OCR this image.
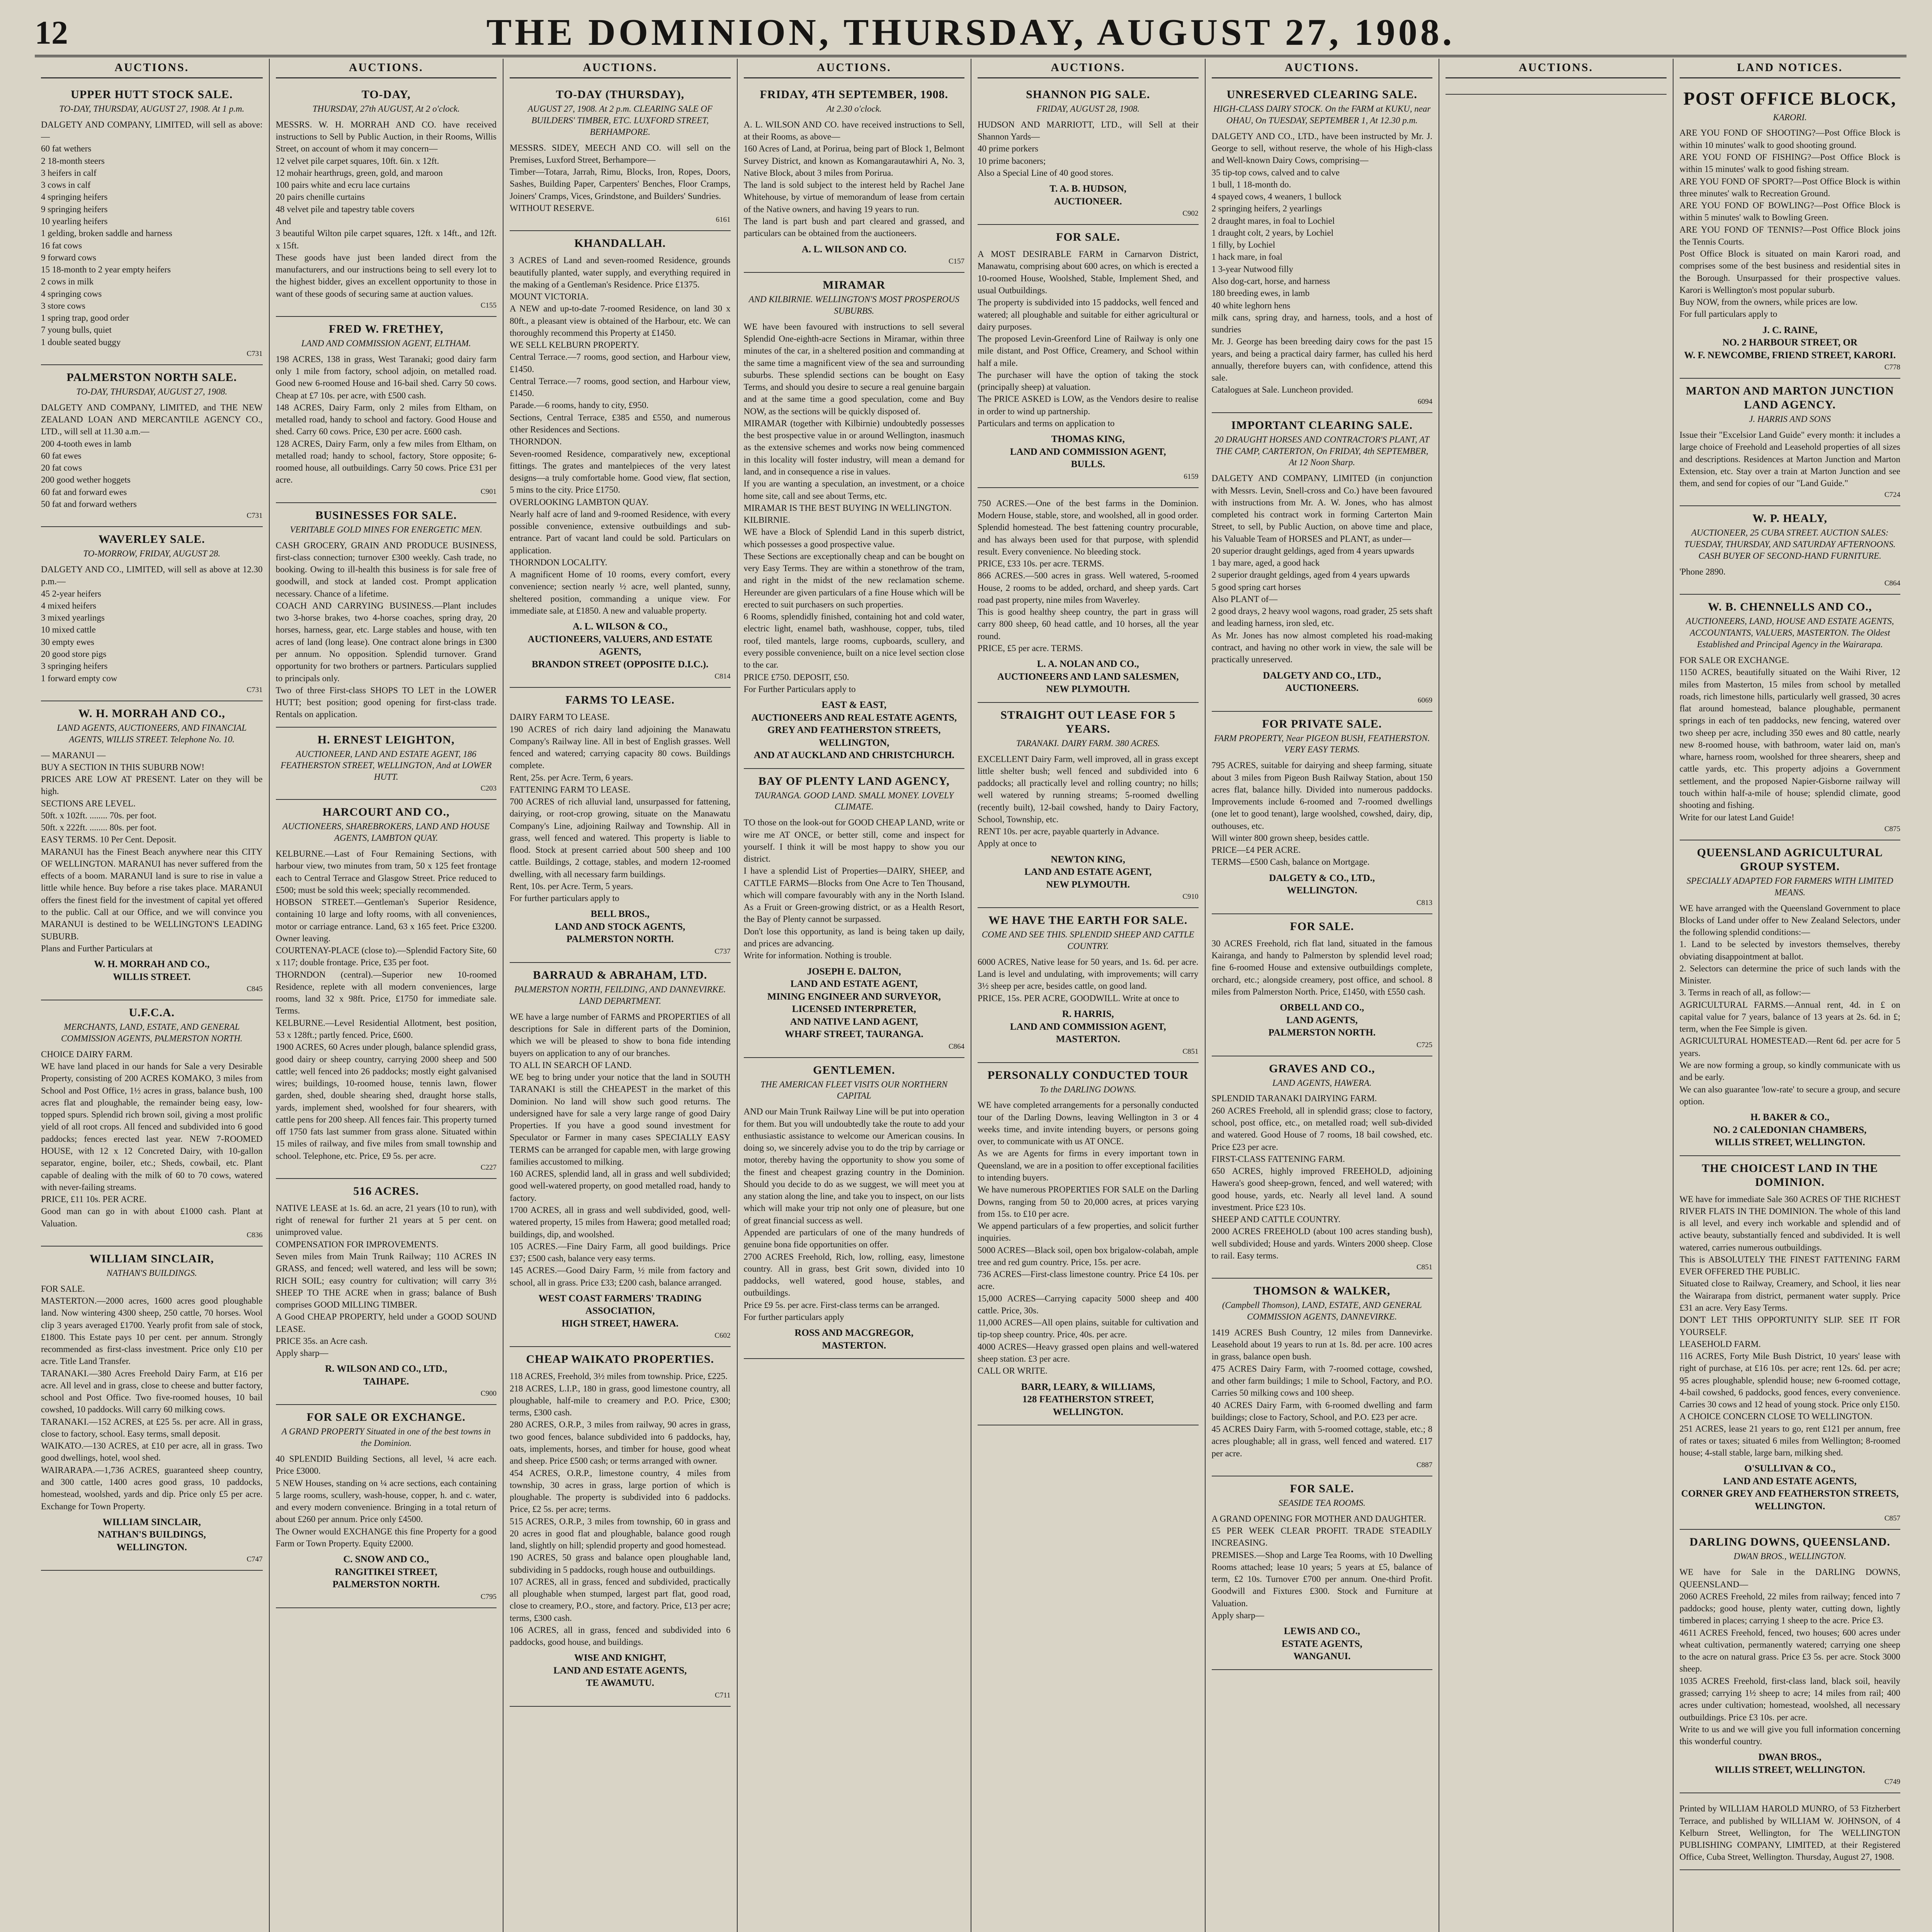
12	THE DOMINION, THURSDAY, AUGUST 27, 1908.
AUCTIONS.
UPPER HUTT STOCK SALE.
TO-DAY, THURSDAY, AUGUST 27, 1908. At 1 p.m.
DALGETY AND COMPANY, LIMITED, will sell as above:—
60 fat wethers
2 18-month steers
3 heifers in calf
3 cows in calf
4 springing heifers
9 springing heifers
10 yearling heifers
1 gelding, broken saddle and harness
16 fat cows
9 forward cows
15 18-month to 2 year empty heifers
2 cows in milk
4 springing cows
3 store cows
1 spring trap, good order
7 young bulls, quiet
1 double seated buggy
C731
PALMERSTON NORTH SALE.
TO-DAY, THURSDAY, AUGUST 27, 1908.
DALGETY AND COMPANY, LIMITED, and THE NEW ZEALAND LOAN AND MERCANTILE AGENCY CO., LTD., will sell at 11.30 a.m.—
200 4-tooth ewes in lamb
60 fat ewes
20 fat cows
200 good wether hoggets
60 fat and forward ewes
50 fat and forward wethers
C731
WAVERLEY SALE.
TO-MORROW, FRIDAY, AUGUST 28.
DALGETY AND CO., LIMITED, will sell as above at 12.30 p.m.—
45 2-year heifers
4 mixed heifers
3 mixed yearlings
10 mixed cattle
30 empty ewes
20 good store pigs
3 springing heifers
1 forward empty cow
C731
W. H. MORRAH AND CO.,
LAND AGENTS, AUCTIONEERS, AND FINANCIAL AGENTS, WILLIS STREET. Telephone No. 10.
— MARANUI —
BUY A SECTION IN THIS SUBURB NOW!
PRICES ARE LOW AT PRESENT. Later on they will be high.
SECTIONS ARE LEVEL.
50ft. x 102ft. ........ 70s. per foot.
50ft. x 222ft. ........ 80s. per foot.
EASY TERMS. 10 Per Cent. Deposit.
MARANUI has the Finest Beach anywhere near this CITY OF WELLINGTON. MARANUI has never suffered from the effects of a boom. MARANUI land is sure to rise in value a little while hence. Buy before a rise takes place. MARANUI offers the finest field for the investment of capital yet offered to the public. Call at our Office, and we will convince you MARANUI is destined to be WELLINGTON'S LEADING SUBURB.
Plans and Further Particulars at
W. H. MORRAH AND CO.,
WILLIS STREET.
C845
U.F.C.A.
MERCHANTS, LAND, ESTATE, AND GENERAL COMMISSION AGENTS, PALMERSTON NORTH.
CHOICE DAIRY FARM.
WE have land placed in our hands for Sale a very Desirable Property, consisting of 200 ACRES KOMAKO, 3 miles from School and Post Office, 1½ acres in grass, balance bush, 100 acres flat and ploughable, the remainder being easy, low-topped spurs. Splendid rich brown soil, giving a most prolific yield of all root crops. All fenced and subdivided into 6 good paddocks; fences erected last year. NEW 7-ROOMED HOUSE, with 12 x 12 Concreted Dairy, with 10-gallon separator, engine, boiler, etc.; Sheds, cowbail, etc. Plant capable of dealing with the milk of 60 to 70 cows, watered with never-failing streams.
PRICE, £11 10s. PER ACRE.
Good man can go in with about £1000 cash. Plant at Valuation.
C836
WILLIAM SINCLAIR,
NATHAN'S BUILDINGS.
FOR SALE.
MASTERTON.—2000 acres, 1600 acres good ploughable land. Now wintering 4300 sheep, 250 cattle, 70 horses. Wool clip 3 years averaged £1700. Yearly profit from sale of stock, £1800. This Estate pays 10 per cent. per annum. Strongly recommended as first-class investment. Price only £10 per acre. Title Land Transfer.
TARANAKI.—380 Acres Freehold Dairy Farm, at £16 per acre. All level and in grass, close to cheese and butter factory, school and Post Office. Two five-roomed houses, 10 bail cowshed, 10 paddocks. Will carry 60 milking cows.
TARANAKI.—152 ACRES, at £25 5s. per acre. All in grass, close to factory, school. Easy terms, small deposit.
WAIKATO.—130 ACRES, at £10 per acre, all in grass. Two good dwellings, hotel, wool shed.
WAIRARAPA.—1,736 ACRES, guaranteed sheep country, and 300 cattle, 1400 acres good grass, 10 paddocks, homestead, woolshed, yards and dip. Price only £5 per acre. Exchange for Town Property.
WILLIAM SINCLAIR,
NATHAN'S BUILDINGS,
WELLINGTON.
C747
AUCTIONS.
TO-DAY,
THURSDAY, 27th AUGUST, At 2 o'clock.
MESSRS. W. H. MORRAH AND CO. have received instructions to Sell by Public Auction, in their Rooms, Willis Street, on account of whom it may concern—
12 velvet pile carpet squares, 10ft. 6in. x 12ft.
12 mohair hearthrugs, green, gold, and maroon
100 pairs white and ecru lace curtains
20 pairs chenille curtains
48 velvet pile and tapestry table covers
And
3 beautiful Wilton pile carpet squares, 12ft. x 14ft., and 12ft. x 15ft.
These goods have just been landed direct from the manufacturers, and our instructions being to sell every lot to the highest bidder, gives an excellent opportunity to those in want of these goods of securing same at auction values.
C155
FRED W. FRETHEY,
LAND AND COMMISSION AGENT, ELTHAM.
198 ACRES, 138 in grass, West Taranaki; good dairy farm only 1 mile from factory, school adjoin, on metalled road. Good new 6-roomed House and 16-bail shed. Carry 50 cows. Cheap at £7 10s. per acre, with £500 cash.
148 ACRES, Dairy Farm, only 2 miles from Eltham, on metalled road, handy to school and factory. Good House and shed. Carry 60 cows. Price, £30 per acre. £600 cash.
128 ACRES, Dairy Farm, only a few miles from Eltham, on metalled road; handy to school, factory, Store opposite; 6-roomed house, all outbuildings. Carry 50 cows. Price £31 per acre.
C901
BUSINESSES FOR SALE.
VERITABLE GOLD MINES FOR ENERGETIC MEN.
CASH GROCERY, GRAIN AND PRODUCE BUSINESS, first-class connection; turnover £300 weekly. Cash trade, no booking. Owing to ill-health this business is for sale free of goodwill, and stock at landed cost. Prompt application necessary. Chance of a lifetime.
COACH AND CARRYING BUSINESS.—Plant includes two 3-horse brakes, two 4-horse coaches, spring dray, 20 horses, harness, gear, etc. Large stables and house, with ten acres of land (long lease). One contract alone brings in £300 per annum. No opposition. Splendid turnover. Grand opportunity for two brothers or partners. Particulars supplied to principals only.
Two of three First-class SHOPS TO LET in the LOWER HUTT; best position; good opening for first-class trade. Rentals on application.
H. ERNEST LEIGHTON,
AUCTIONEER, LAND AND ESTATE AGENT, 186 FEATHERSTON STREET, WELLINGTON, And at LOWER HUTT.
C203
HARCOURT AND CO.,
AUCTIONEERS, SHAREBROKERS, LAND AND HOUSE AGENTS, LAMBTON QUAY.
KELBURNE.—Last of Four Remaining Sections, with harbour view, two minutes from tram, 50 x 125 feet frontage each to Central Terrace and Glasgow Street. Price reduced to £500; must be sold this week; specially recommended.
HOBSON STREET.—Gentleman's Superior Residence, containing 10 large and lofty rooms, with all conveniences, motor or carriage entrance. Land, 63 x 165 feet. Price £3200. Owner leaving.
COURTENAY-PLACE (close to).—Splendid Factory Site, 60 x 117; double frontage. Price, £35 per foot.
THORNDON (central).—Superior new 10-roomed Residence, replete with all modern conveniences, large rooms, land 32 x 98ft. Price, £1750 for immediate sale. Terms.
KELBURNE.—Level Residential Allotment, best position, 53 x 128ft.; partly fenced. Price, £600.
1900 ACRES, 60 Acres under plough, balance splendid grass, good dairy or sheep country, carrying 2000 sheep and 500 cattle; well fenced into 26 paddocks; mostly eight galvanised wires; buildings, 10-roomed house, tennis lawn, flower garden, shed, double shearing shed, draught horse stalls, yards, implement shed, woolshed for four shearers, with cattle pens for 200 sheep. All fences fair. This property turned off 1750 fats last summer from grass alone. Situated within 15 miles of railway, and five miles from small township and school. Telephone, etc. Price, £9 5s. per acre.
C227
516 ACRES.
NATIVE LEASE at 1s. 6d. an acre, 21 years (10 to run), with right of renewal for further 21 years at 5 per cent. on unimproved value.
COMPENSATION FOR IMPROVEMENTS.
Seven miles from Main Trunk Railway; 110 ACRES IN GRASS, and fenced; well watered, and less will be sown; RICH SOIL; easy country for cultivation; will carry 3½ SHEEP TO THE ACRE when in grass; balance of Bush comprises GOOD MILLING TIMBER.
A Good CHEAP PROPERTY, held under a GOOD SOUND LEASE.
PRICE 35s. an Acre cash.
Apply sharp—
R. WILSON AND CO., LTD.,
TAIHAPE.
C900
FOR SALE OR EXCHANGE.
A GRAND PROPERTY Situated in one of the best towns in the Dominion.
40 SPLENDID Building Sections, all level, ¼ acre each. Price £3000.
5 NEW Houses, standing on ¼ acre sections, each containing 5 large rooms, scullery, wash-house, copper, h. and c. water, and every modern convenience. Bringing in a total return of about £260 per annum. Price only £4500.
The Owner would EXCHANGE this fine Property for a good Farm or Town Property. Equity £2000.
C. SNOW AND CO.,
RANGITIKEI STREET,
PALMERSTON NORTH.
C795
AUCTIONS.
TO-DAY (THURSDAY),
AUGUST 27, 1908. At 2 p.m. CLEARING SALE OF BUILDERS' TIMBER, ETC. LUXFORD STREET, BERHAMPORE.
MESSRS. SIDEY, MEECH AND CO. will sell on the Premises, Luxford Street, Berhampore—
Timber—Totara, Jarrah, Rimu, Blocks, Iron, Ropes, Doors, Sashes, Building Paper, Carpenters' Benches, Floor Cramps, Joiners' Cramps, Vices, Grindstone, and Builders' Sundries.
WITHOUT RESERVE.
6161
KHANDALLAH.
3 ACRES of Land and seven-roomed Residence, grounds beautifully planted, water supply, and everything required in the making of a Gentleman's Residence. Price £1375.
MOUNT VICTORIA.
A NEW and up-to-date 7-roomed Residence, on land 30 x 80ft., a pleasant view is obtained of the Harbour, etc. We can thoroughly recommend this Property at £1450.
WE SELL KELBURN PROPERTY.
Central Terrace.—7 rooms, good section, and Harbour view, £1450.
Central Terrace.—7 rooms, good section, and Harbour view, £1450.
Parade.—6 rooms, handy to city, £950.
Sections, Central Terrace, £385 and £550, and numerous other Residences and Sections.
THORNDON.
Seven-roomed Residence, comparatively new, exceptional fittings. The grates and mantelpieces of the very latest designs—a truly comfortable home. Good view, flat section, 5 mins to the city. Price £1750.
OVERLOOKING LAMBTON QUAY.
Nearly half acre of land and 9-roomed Residence, with every possible convenience, extensive outbuildings and sub-entrance. Part of vacant land could be sold. Particulars on application.
THORNDON LOCALITY.
A magnificent Home of 10 rooms, every comfort, every convenience; section nearly ½ acre, well planted, sunny, sheltered position, commanding a unique view. For immediate sale, at £1850. A new and valuable property.
A. L. WILSON & CO.,
AUCTIONEERS, VALUERS, AND ESTATE AGENTS,
BRANDON STREET (OPPOSITE D.I.C.).
C814
FARMS TO LEASE.
DAIRY FARM TO LEASE.
190 ACRES of rich dairy land adjoining the Manawatu Company's Railway line. All in best of English grasses. Well fenced and watered; carrying capacity 80 cows. Buildings complete.
Rent, 25s. per Acre. Term, 6 years.
FATTENING FARM TO LEASE.
700 ACRES of rich alluvial land, unsurpassed for fattening, dairying, or root-crop growing, situate on the Manawatu Company's Line, adjoining Railway and Township. All in grass, well fenced and watered. This property is liable to flood. Stock at present carried about 500 sheep and 100 cattle. Buildings, 2 cottage, stables, and modern 12-roomed dwelling, with all necessary farm buildings.
Rent, 10s. per Acre. Term, 5 years.
For further particulars apply to
BELL BROS.,
LAND AND STOCK AGENTS,
PALMERSTON NORTH.
C737
BARRAUD & ABRAHAM, LTD.
PALMERSTON NORTH, FEILDING, AND DANNEVIRKE. LAND DEPARTMENT.
WE have a large number of FARMS and PROPERTIES of all descriptions for Sale in different parts of the Dominion, which we will be pleased to show to bona fide intending buyers on application to any of our branches.
TO ALL IN SEARCH OF LAND.
WE beg to bring under your notice that the land in SOUTH TARANAKI is still the CHEAPEST in the market of this Dominion. No land will show such good returns. The undersigned have for sale a very large range of good Dairy Properties. If you have a good sound investment for Speculator or Farmer in many cases SPECIALLY EASY TERMS can be arranged for capable men, with large growing families accustomed to milking.
160 ACRES, splendid land, all in grass and well subdivided; good well-watered property, on good metalled road, handy to factory.
1700 ACRES, all in grass and well subdivided, good, well-watered property, 15 miles from Hawera; good metalled road; buildings, dip, and woolshed.
105 ACRES.—Fine Dairy Farm, all good buildings. Price £37; £500 cash, balance very easy terms.
145 ACRES.—Good Dairy Farm, ½ mile from factory and school, all in grass. Price £33; £200 cash, balance arranged.
WEST COAST FARMERS' TRADING ASSOCIATION,
HIGH STREET, HAWERA.
C602
CHEAP WAIKATO PROPERTIES.
118 ACRES, Freehold, 3½ miles from township. Price, £225.
218 ACRES, L.I.P., 180 in grass, good limestone country, all ploughable, half-mile to creamery and P.O. Price, £300; terms, £300 cash.
280 ACRES, O.R.P., 3 miles from railway, 90 acres in grass, two good fences, balance subdivided into 6 paddocks, hay, oats, implements, horses, and timber for house, good wheat and sheep. Price £500 cash; or terms arranged with owner.
454 ACRES, O.R.P., limestone country, 4 miles from township, 30 acres in grass, large portion of which is ploughable. The property is subdivided into 6 paddocks. Price, £2 5s. per acre; terms.
515 ACRES, O.R.P., 3 miles from township, 60 in grass and 20 acres in good flat and ploughable, balance good rough land, slightly on hill; splendid property and good homestead.
190 ACRES, 50 grass and balance open ploughable land, subdividing in 5 paddocks, rough house and outbuildings.
107 ACRES, all in grass, fenced and subdivided, practically all ploughable when stumped, largest part flat, good road, close to creamery, P.O., store, and factory. Price, £13 per acre; terms, £300 cash.
106 ACRES, all in grass, fenced and subdivided into 6 paddocks, good house, and buildings.
WISE AND KNIGHT,
LAND AND ESTATE AGENTS,
TE AWAMUTU.
C711
AUCTIONS.
FRIDAY, 4TH SEPTEMBER, 1908.
At 2.30 o'clock.
A. L. WILSON AND CO. have received instructions to Sell, at their Rooms, as above—
160 Acres of Land, at Porirua, being part of Block 1, Belmont Survey District, and known as Komangarautawhiri A, No. 3, Native Block, about 3 miles from Porirua.
The land is sold subject to the interest held by Rachel Jane Whitehouse, by virtue of memorandum of lease from certain of the Native owners, and having 19 years to run.
The land is part bush and part cleared and grassed, and particulars can be obtained from the auctioneers.
A. L. WILSON AND CO.
C157
MIRAMAR
AND KILBIRNIE. WELLINGTON'S MOST PROSPEROUS SUBURBS.
WE have been favoured with instructions to sell several Splendid One-eighth-acre Sections in Miramar, within three minutes of the car, in a sheltered position and commanding at the same time a magnificent view of the sea and surrounding suburbs. These splendid sections can be bought on Easy Terms, and should you desire to secure a real genuine bargain and at the same time a good speculation, come and Buy NOW, as the sections will be quickly disposed of.
MIRAMAR (together with Kilbirnie) undoubtedly possesses the best prospective value in or around Wellington, inasmuch as the extensive schemes and works now being commenced in this locality will foster industry, will mean a demand for land, and in consequence a rise in values.
If you are wanting a speculation, an investment, or a choice home site, call and see about Terms, etc.
MIRAMAR IS THE BEST BUYING IN WELLINGTON.
KILBIRNIE.
WE have a Block of Splendid Land in this superb district, which possesses a good prospective value.
These Sections are exceptionally cheap and can be bought on very Easy Terms. They are within a stonethrow of the tram, and right in the midst of the new reclamation scheme. Hereunder are given particulars of a fine House which will be erected to suit purchasers on such properties.
6 Rooms, splendidly finished, containing hot and cold water, electric light, enamel bath, washhouse, copper, tubs, tiled roof, tiled mantels, large rooms, cupboards, scullery, and every possible convenience, built on a nice level section close to the car.
PRICE £750. DEPOSIT, £50.
For Further Particulars apply to
EAST & EAST,
AUCTIONEERS AND REAL ESTATE AGENTS,
GREY AND FEATHERSTON STREETS, WELLINGTON,
AND AT AUCKLAND AND CHRISTCHURCH.
BAY OF PLENTY LAND AGENCY,
TAURANGA. GOOD LAND. SMALL MONEY. LOVELY CLIMATE.
TO those on the look-out for GOOD CHEAP LAND, write or wire me AT ONCE, or better still, come and inspect for yourself. I think it will be most happy to show you our district.
I have a splendid List of Properties—DAIRY, SHEEP, and CATTLE FARMS—Blocks from One Acre to Ten Thousand, which will compare favourably with any in the North Island. As a Fruit or Green-growing district, or as a Health Resort, the Bay of Plenty cannot be surpassed.
Don't lose this opportunity, as land is being taken up daily, and prices are advancing.
Write for information. Nothing is trouble.
JOSEPH E. DALTON,
LAND AND ESTATE AGENT,
MINING ENGINEER AND SURVEYOR,
LICENSED INTERPRETER,
AND NATIVE LAND AGENT,
WHARF STREET, TAURANGA.
C864
GENTLEMEN.
THE AMERICAN FLEET VISITS OUR NORTHERN CAPITAL
AND our Main Trunk Railway Line will be put into operation for them. But you will undoubtedly take the route to add your enthusiastic assistance to welcome our American cousins. In doing so, we sincerely advise you to do the trip by carriage or motor, thereby having the opportunity to show you some of the finest and cheapest grazing country in the Dominion. Should you decide to do as we suggest, we will meet you at any station along the line, and take you to inspect, on our lists which will make your trip not only one of pleasure, but one of great financial success as well.
Appended are particulars of one of the many hundreds of genuine bona fide opportunities on offer.
2700 ACRES Freehold, Rich, low, rolling, easy, limestone country. All in grass, best Grit sown, divided into 10 paddocks, well watered, good house, stables, and outbuildings.
Price £9 5s. per acre. First-class terms can be arranged.
For further particulars apply
ROSS AND MACGREGOR,
MASTERTON.
AUCTIONS.
SHANNON PIG SALE.
FRIDAY, AUGUST 28, 1908.
HUDSON AND MARRIOTT, LTD., will Sell at their Shannon Yards—
40 prime porkers
10 prime baconers;
Also a Special Line of 40 good stores.
T. A. B. HUDSON,
AUCTIONEER.
C902
FOR SALE.
A MOST DESIRABLE FARM in Carnarvon District, Manawatu, comprising about 600 acres, on which is erected a 10-roomed House, Woolshed, Stable, Implement Shed, and usual Outbuildings.
The property is subdivided into 15 paddocks, well fenced and watered; all ploughable and suitable for either agricultural or dairy purposes.
The proposed Levin-Greenford Line of Railway is only one mile distant, and Post Office, Creamery, and School within half a mile.
The purchaser will have the option of taking the stock (principally sheep) at valuation.
The PRICE ASKED is LOW, as the Vendors desire to realise in order to wind up partnership.
Particulars and terms on application to
THOMAS KING,
LAND AND COMMISSION AGENT,
BULLS.
6159
750 ACRES.—One of the best farms in the Dominion. Modern House, stable, store, and woolshed, all in good order. Splendid homestead. The best fattening country procurable, and has always been used for that purpose, with splendid result. Every convenience. No bleeding stock.
PRICE, £33 10s. per acre. TERMS.
866 ACRES.—500 acres in grass. Well watered, 5-roomed House, 2 rooms to be added, orchard, and sheep yards. Cart road past property, nine miles from Waverley.
This is good healthy sheep country, the part in grass will carry 800 sheep, 60 head cattle, and 10 horses, all the year round.
PRICE, £5 per acre. TERMS.
L. A. NOLAN AND CO.,
AUCTIONEERS AND LAND SALESMEN,
NEW PLYMOUTH.
STRAIGHT OUT LEASE FOR 5 YEARS.
TARANAKI. DAIRY FARM. 380 ACRES.
EXCELLENT Dairy Farm, well improved, all in grass except little shelter bush; well fenced and subdivided into 6 paddocks; all practically level and rolling country; no hills; well watered by running streams; 5-roomed dwelling (recently built), 12-bail cowshed, handy to Dairy Factory, School, Township, etc.
RENT 10s. per acre, payable quarterly in Advance.
Apply at once to
NEWTON KING,
LAND AND ESTATE AGENT,
NEW PLYMOUTH.
C910
WE HAVE THE EARTH FOR SALE.
COME AND SEE THIS. SPLENDID SHEEP AND CATTLE COUNTRY.
6000 ACRES, Native lease for 50 years, and 1s. 6d. per acre. Land is level and undulating, with improvements; will carry 3½ sheep per acre, besides cattle, on good land.
PRICE, 15s. PER ACRE, GOODWILL. Write at once to
R. HARRIS,
LAND AND COMMISSION AGENT,
MASTERTON.
C851
PERSONALLY CONDUCTED TOUR
To the DARLING DOWNS.
WE have completed arrangements for a personally conducted tour of the Darling Downs, leaving Wellington in 3 or 4 weeks time, and invite intending buyers, or persons going over, to communicate with us AT ONCE.
As we are Agents for firms in every important town in Queensland, we are in a position to offer exceptional facilities to intending buyers.
We have numerous PROPERTIES FOR SALE on the Darling Downs, ranging from 50 to 20,000 acres, at prices varying from 15s. to £10 per acre.
We append particulars of a few properties, and solicit further inquiries.
5000 ACRES—Black soil, open box brigalow-colabah, ample tree and red gum country. Price, 15s. per acre.
736 ACRES—First-class limestone country. Price £4 10s. per acre.
15,000 ACRES—Carrying capacity 5000 sheep and 400 cattle. Price, 30s.
11,000 ACRES—All open plains, suitable for cultivation and tip-top sheep country. Price, 40s. per acre.
4000 ACRES—Heavy grassed open plains and well-watered sheep station. £3 per acre.
CALL OR WRITE.
BARR, LEARY, & WILLIAMS,
128 FEATHERSTON STREET,
WELLINGTON.
AUCTIONS.
UNRESERVED CLEARING SALE.
HIGH-CLASS DAIRY STOCK. On the FARM at KUKU, near OHAU, On TUESDAY, SEPTEMBER 1, At 12.30 p.m.
DALGETY AND CO., LTD., have been instructed by Mr. J. George to sell, without reserve, the whole of his High-class and Well-known Dairy Cows, comprising—
35 tip-top cows, calved and to calve
1 bull, 1 18-month do.
4 spayed cows, 4 weaners, 1 bullock
2 springing heifers, 2 yearlings
2 draught mares, in foal to Lochiel
1 draught colt, 2 years, by Lochiel
1 filly, by Lochiel
1 hack mare, in foal
1 3-year Nutwood filly
Also dog-cart, horse, and harness
180 breeding ewes, in lamb
40 white leghorn hens
milk cans, spring dray, and harness, tools, and a host of sundries
Mr. J. George has been breeding dairy cows for the past 15 years, and being a practical dairy farmer, has culled his herd annually, therefore buyers can, with confidence, attend this sale.
Catalogues at Sale. Luncheon provided.
6094
IMPORTANT CLEARING SALE.
20 DRAUGHT HORSES AND CONTRACTOR'S PLANT, AT THE CAMP, CARTERTON, On FRIDAY, 4th SEPTEMBER, At 12 Noon Sharp.
DALGETY AND COMPANY, LIMITED (in conjunction with Messrs. Levin, Snell-cross and Co.) have been favoured with instructions from Mr. A. W. Jones, who has almost completed his contract work in forming Carterton Main Street, to sell, by Public Auction, on above time and place, his Valuable Team of HORSES and PLANT, as under—
20 superior draught geldings, aged from 4 years upwards
1 bay mare, aged, a good hack
2 superior draught geldings, aged from 4 years upwards
5 good spring cart horses
Also PLANT of—
2 good drays, 2 heavy wool wagons, road grader, 25 sets shaft and leading harness, iron sled, etc.
As Mr. Jones has now almost completed his road-making contract, and having no other work in view, the sale will be practically unreserved.
DALGETY AND CO., LTD.,
AUCTIONEERS.
6069
FOR PRIVATE SALE.
FARM PROPERTY, Near PIGEON BUSH, FEATHERSTON. VERY EASY TERMS.
795 ACRES, suitable for dairying and sheep farming, situate about 3 miles from Pigeon Bush Railway Station, about 150 acres flat, balance hilly. Divided into numerous paddocks. Improvements include 6-roomed and 7-roomed dwellings (one let to good tenant), large woolshed, cowshed, dairy, dip, outhouses, etc.
Will winter 800 grown sheep, besides cattle.
PRICE—£4 PER ACRE.
TERMS—£500 Cash, balance on Mortgage.
DALGETY & CO., LTD.,
WELLINGTON.
C813
FOR SALE.
30 ACRES Freehold, rich flat land, situated in the famous Kairanga, and handy to Palmerston by splendid level road; fine 6-roomed House and extensive outbuildings complete, orchard, etc.; alongside creamery, post office, and school. 8 miles from Palmerston North. Price, £1450, with £550 cash.
ORBELL AND CO.,
LAND AGENTS,
PALMERSTON NORTH.
C725
GRAVES AND CO.,
LAND AGENTS, HAWERA.
SPLENDID TARANAKI DAIRYING FARM.
260 ACRES Freehold, all in splendid grass; close to factory, school, post office, etc., on metalled road; well sub-divided and watered. Good House of 7 rooms, 18 bail cowshed, etc. Price £23 per acre.
FIRST-CLASS FATTENING FARM.
650 ACRES, highly improved FREEHOLD, adjoining Hawera's good sheep-grown, fenced, and well watered; with good house, yards, etc. Nearly all level land. A sound investment. Price £23 10s.
SHEEP AND CATTLE COUNTRY.
2000 ACRES FREEHOLD (about 100 acres standing bush), well subdivided; House and yards. Winters 2000 sheep. Close to rail. Easy terms.
C851
THOMSON & WALKER,
(Campbell Thomson), LAND, ESTATE, AND GENERAL COMMISSION AGENTS, DANNEVIRKE.
1419 ACRES Bush Country, 12 miles from Dannevirke. Leasehold about 19 years to run at 1s. 8d. per acre. 100 acres in grass, balance open bush.
475 ACRES Dairy Farm, with 7-roomed cottage, cowshed, and other farm buildings; 1 mile to School, Factory, and P.O. Carries 50 milking cows and 100 sheep.
40 ACRES Dairy Farm, with 6-roomed dwelling and farm buildings; close to Factory, School, and P.O. £23 per acre.
45 ACRES Dairy Farm, with 5-roomed cottage, stable, etc.; 8 acres ploughable; all in grass, well fenced and watered. £17 per acre.
C887
FOR SALE.
SEASIDE TEA ROOMS.
A GRAND OPENING FOR MOTHER AND DAUGHTER.
£5 PER WEEK CLEAR PROFIT. TRADE STEADILY INCREASING.
PREMISES.—Shop and Large Tea Rooms, with 10 Dwelling Rooms attached; lease 10 years; 5 years at £5, balance of term, £2 10s. Turnover £700 per annum. One-third Profit. Goodwill and Fixtures £300. Stock and Furniture at Valuation.
Apply sharp—
LEWIS AND CO.,
ESTATE AGENTS,
WANGANUI.
AUCTIONS.	LAND NOTICES.
POST OFFICE BLOCK,
KARORI.
ARE YOU FOND OF SHOOTING?—Post Office Block is within 10 minutes' walk to good shooting ground.
ARE YOU FOND OF FISHING?—Post Office Block is within 15 minutes' walk to good fishing stream.
ARE YOU FOND OF SPORT?—Post Office Block is within three minutes' walk to Recreation Ground.
ARE YOU FOND OF BOWLING?—Post Office Block is within 5 minutes' walk to Bowling Green.
ARE YOU FOND OF TENNIS?—Post Office Block joins the Tennis Courts.
Post Office Block is situated on main Karori road, and comprises some of the best business and residential sites in the Borough. Unsurpassed for their prospective values. Karori is Wellington's most popular suburb.
Buy NOW, from the owners, while prices are low.
For full particulars apply to
J. C. RAINE,
NO. 2 HARBOUR STREET, OR
W. F. NEWCOMBE, FRIEND STREET, KARORI.
C778
MARTON AND MARTON JUNCTION LAND AGENCY.
J. HARRIS AND SONS
Issue their "Excelsior Land Guide" every month: it includes a large choice of Freehold and Leasehold properties of all sizes and descriptions. Residences at Marton Junction and Marton Extension, etc. Stay over a train at Marton Junction and see them, and send for copies of our "Land Guide."
C724
W. P. HEALY,
AUCTIONEER, 25 CUBA STREET. AUCTION SALES: TUESDAY, THURSDAY, AND SATURDAY AFTERNOONS. CASH BUYER OF SECOND-HAND FURNITURE.
'Phone 2890.
C864
W. B. CHENNELLS AND CO.,
AUCTIONEERS, LAND, HOUSE AND ESTATE AGENTS, ACCOUNTANTS, VALUERS, MASTERTON. The Oldest Established and Principal Agency in the Wairarapa.
FOR SALE OR EXCHANGE.
1150 ACRES, beautifully situated on the Waihi River, 12 miles from Masterton, 15 miles from school by metalled roads, rich limestone hills, particularly well grassed, 30 acres flat around homestead, balance ploughable, permanent springs in each of ten paddocks, new fencing, watered over two sheep per acre, including 350 ewes and 80 cattle, nearly new 8-roomed house, with bathroom, water laid on, man's whare, harness room, woolshed for three shearers, sheep and cattle yards, etc. This property adjoins a Government settlement, and the proposed Napier-Gisborne railway will touch within half-a-mile of house; splendid climate, good shooting and fishing.
Write for our latest Land Guide!
C875
QUEENSLAND AGRICULTURAL GROUP SYSTEM.
SPECIALLY ADAPTED FOR FARMERS WITH LIMITED MEANS.
WE have arranged with the Queensland Government to place Blocks of Land under offer to New Zealand Selectors, under the following splendid conditions:—
1. Land to be selected by investors themselves, thereby obviating disappointment at ballot.
2. Selectors can determine the price of such lands with the Minister.
3. Terms in reach of all, as follow:—
AGRICULTURAL FARMS.—Annual rent, 4d. in £ on capital value for 7 years, balance of 13 years at 2s. 6d. in £; term, when the Fee Simple is given.
AGRICULTURAL HOMESTEAD.—Rent 6d. per acre for 5 years.
We are now forming a group, so kindly communicate with us and be early.
We can also guarantee 'low-rate' to secure a group, and secure option.
H. BAKER & CO.,
NO. 2 CALEDONIAN CHAMBERS,
WILLIS STREET, WELLINGTON.
THE CHOICEST LAND IN THE DOMINION.
WE have for immediate Sale 360 ACRES OF THE RICHEST RIVER FLATS IN THE DOMINION. The whole of this land is all level, and every inch workable and splendid and of active beauty, substantially fenced and subdivided. It is well watered, carries numerous outbuildings.
This is ABSOLUTELY THE FINEST FATTENING FARM EVER OFFERED THE PUBLIC.
Situated close to Railway, Creamery, and School, it lies near the Wairarapa from district, permanent water supply. Price £31 an acre. Very Easy Terms.
DON'T LET THIS OPPORTUNITY SLIP. SEE IT FOR YOURSELF.
LEASEHOLD FARM.
116 ACRES, Forty Mile Bush District, 10 years' lease with right of purchase, at £16 10s. per acre; rent 12s. 6d. per acre; 95 acres ploughable, splendid house; new 6-roomed cottage, 4-bail cowshed, 6 paddocks, good fences, every convenience. Carries 30 cows and 12 head of young stock. Price only £150.
A CHOICE CONCERN CLOSE TO WELLINGTON.
251 ACRES, lease 21 years to go, rent £121 per annum, free of rates or taxes; situated 6 miles from Wellington; 8-roomed house; 4-stall stable, large barn, milking shed.
O'SULLIVAN & CO.,
LAND AND ESTATE AGENTS,
CORNER GREY AND FEATHERSTON STREETS, WELLINGTON.
C857
DARLING DOWNS, QUEENSLAND.
DWAN BROS., WELLINGTON.
WE have for Sale in the DARLING DOWNS, QUEENSLAND—
2060 ACRES Freehold, 22 miles from railway; fenced into 7 paddocks; good house, plenty water, cutting down, lightly timbered in places; carrying 1 sheep to the acre. Price £3.
4611 ACRES Freehold, fenced, two houses; 600 acres under wheat cultivation, permanently watered; carrying one sheep to the acre on natural grass. Price £3 5s. per acre. Stock 3000 sheep.
1035 ACRES Freehold, first-class land, black soil, heavily grassed; carrying 1½ sheep to acre; 14 miles from rail; 400 acres under cultivation; homestead, woolshed, all necessary outbuildings. Price £3 10s. per acre.
Write to us and we will give you full information concerning this wonderful country.
DWAN BROS.,
WILLIS STREET, WELLINGTON.
C749
Printed by WILLIAM HAROLD MUNRO, of 53 Fitzherbert Terrace, and published by WILLIAM W. JOHNSON, of 4 Kelburn Street, Wellington, for The WELLINGTON PUBLISHING COMPANY, LIMITED, at their Registered Office, Cuba Street, Wellington. Thursday, August 27, 1908.
